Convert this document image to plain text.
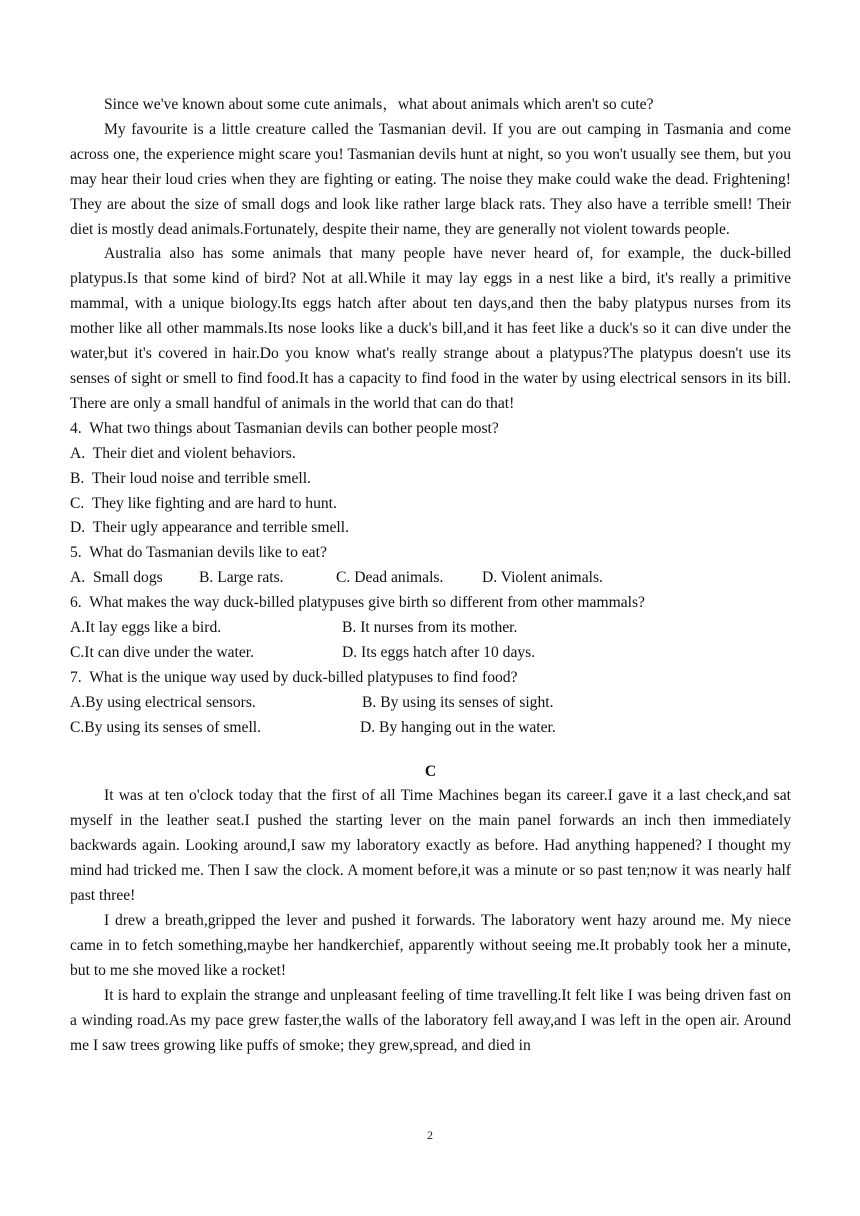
Since we've known about some cute animals，what about animals which aren't so cute?

My favourite is a little creature called the Tasmanian devil. If you are out camping in Tasmania and come across one, the experience might scare you! Tasmanian devils hunt at night, so you won't usually see them, but you may hear their loud cries when they are fighting or eating. The noise they make could wake the dead. Frightening! They are about the size of small dogs and look like rather large black rats. They also have a terrible smell! Their diet is mostly dead animals.Fortunately, despite their name, they are generally not violent towards people.

Australia also has some animals that many people have never heard of, for example, the duck-billed platypus.Is that some kind of bird? Not at all.While it may lay eggs in a nest like a bird, it's really a primitive mammal, with a unique biology.Its eggs hatch after about ten days,and then the baby platypus nurses from its mother like all other mammals.Its nose looks like a duck's bill,and it has feet like a duck's so it can dive under the water,but it's covered in hair.Do you know what's really strange about a platypus?The platypus doesn't use its senses of sight or smell to find food.It has a capacity to find food in the water by using electrical sensors in its bill. There are only a small handful of animals in the world that can do that!

4.  What two things about Tasmanian devils can bother people most?

A.  Their diet and violent behaviors.

B.  Their loud noise and terrible smell.

C.  They like fighting and are hard to hunt.

D.  Their ugly appearance and terrible smell.

5.  What do Tasmanian devils like to eat?

A.  Small dogs	B. Large rats.	C. Dead animals.	D. Violent animals.

6.  What makes the way duck-billed platypuses give birth so different from other mammals?

A.It lay eggs like a bird.	B. It nurses from its mother.
C.It can dive under the water.	D. Its eggs hatch after 10 days.

7.  What is the unique way used by duck-billed platypuses to find food?

A.By using electrical sensors.	B. By using its senses of sight.
C.By using its senses of smell.	D. By hanging out in the water.

C

It was at ten o'clock today that the first of all Time Machines began its career.I gave it a last check,and sat myself in the leather seat.I pushed the starting lever on the main panel forwards an inch then immediately backwards again. Looking around,I saw my laboratory exactly as before. Had anything happened? I thought my mind had tricked me. Then I saw the clock. A moment before,it was a minute or so past ten;now it was nearly half past three!

I drew a breath,gripped the lever and pushed it forwards. The laboratory went hazy around me. My niece came in to fetch something,maybe her handkerchief, apparently without seeing me.It probably took her a minute, but to me she moved like a rocket!

It is hard to explain the strange and unpleasant feeling of time travelling.It felt like I was being driven fast on a winding road.As my pace grew faster,the walls of the laboratory fell away,and I was left in the open air. Around me I saw trees growing like puffs of smoke; they grew,spread, and died in

2
